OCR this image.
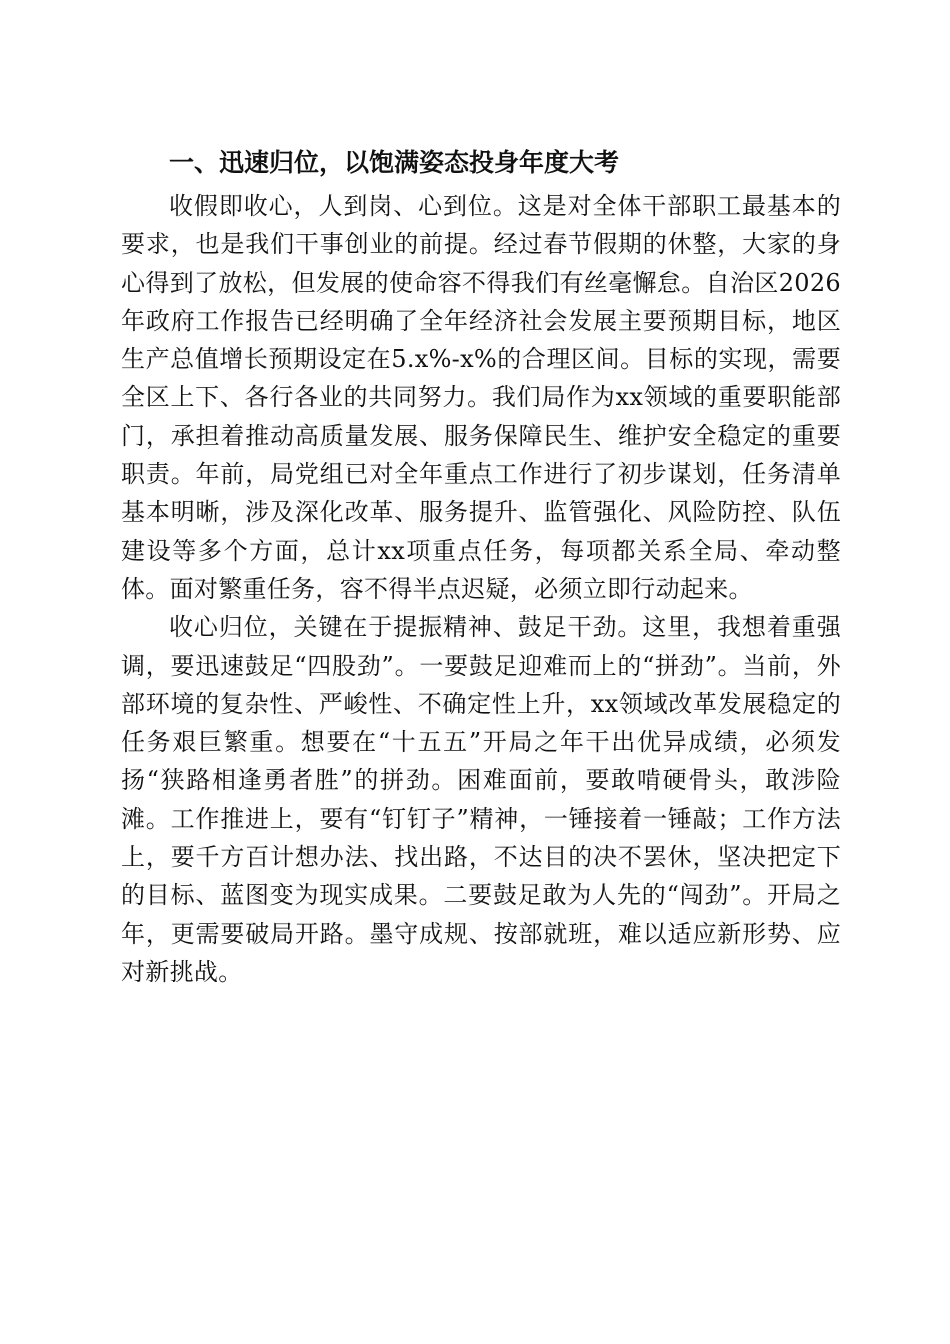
一、迅速归位，以饱满姿态投身年度大考

收假即收心，人到岗、心到位。这是对全体干部职工最基本的要求，也是我们干事创业的前提。经过春节假期的休整，大家的身心得到了放松，但发展的使命容不得我们有丝毫懈怠。自治区2026年政府工作报告已经明确了全年经济社会发展主要预期目标，地区生产总值增长预期设定在5.x%-x%的合理区间。目标的实现，需要全区上下、各行各业的共同努力。我们局作为xx领域的重要职能部门，承担着推动高质量发展、服务保障民生、维护安全稳定的重要职责。年前，局党组已对全年重点工作进行了初步谋划，任务清单基本明晰，涉及深化改革、服务提升、监管强化、风险防控、队伍建设等多个方面，总计xx项重点任务，每项都关系全局、牵动整体。面对繁重任务，容不得半点迟疑，必须立即行动起来。

收心归位，关键在于提振精神、鼓足干劲。这里，我想着重强调，要迅速鼓足“四股劲”。一要鼓足迎难而上的“拼劲”。当前，外部环境的复杂性、严峻性、不确定性上升，xx领域改革发展稳定的任务艰巨繁重。想要在“十五五”开局之年干出优异成绩，必须发扬“狭路相逢勇者胜”的拼劲。困难面前，要敢啃硬骨头，敢涉险滩。工作推进上，要有“钉钉子”精神，一锤接着一锤敲；工作方法上，要千方百计想办法、找出路，不达目的决不罢休，坚决把定下的目标、蓝图变为现实成果。二要鼓足敢为人先的“闯劲”。开局之年，更需要破局开路。墨守成规、按部就班，难以适应新形势、应对新挑战。
